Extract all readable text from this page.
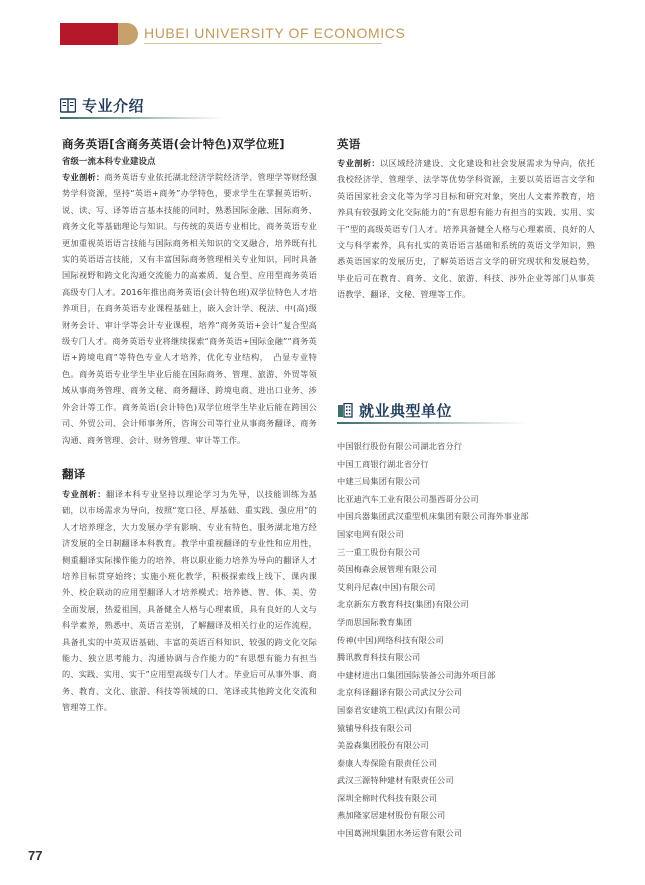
HUBEI UNIVERSITY OF ECONOMICS
专业介绍
商务英语[含商务英语(会计特色)双学位班]
省级一流本科专业建设点

专业剖析：商务英语专业依托湖北经济学院经济学、管理学等财经强势学科资源，坚持“英语+商务”办学特色，要求学生在掌握英语听、说、读、写、译等语言基本技能的同时，熟悉国际金融、国际商务、商务文化等基础理论与知识。与传统的英语专业相比，商务英语专业更加重视英语语言技能与国际商务相关知识的交叉融合，培养既有扎实的英语语言技能，又有丰富国际商务管理相关专业知识，同时具备国际视野和跨文化沟通交流能力的高素质、复合型、应用型商务英语高级专门人才。2016年推出商务英语(会计特色班)双学位特色人才培养项目，在商务英语专业课程基础上，嵌入会计学、税法、中(高)级财务会计、审计学等会计专业课程，培养“商务英语+会计”复合型高级专门人才。商务英语专业将继续探索“商务英语+国际金融”“商务英语+跨境电商”等特色专业人才培养，优化专业结构，　凸显专业特色。商务英语专业学生毕业后能在国际商务、管理、旅游、外贸等领域从事商务管理、商务文秘、商务翻译、跨境电商、进出口业务、涉外会计等工作。商务英语(会计特色)双学位班学生毕业后能在跨国公司、外贸公司、会计师事务所、咨询公司等行业从事商务翻译、商务沟通、商务管理、会计、财务管理、审计等工作。

翻译

专业剖析：翻译本科专业坚持以理论学习为先导，以技能训练为基础，以市场需求为导向，按照“宽口径、厚基础、重实践、强应用”的人才培养理念，大力发展办学有影响、专业有特色、服务湖北地方经济发展的全日制翻译本科教育。教学中重视翻译的专业性和应用性，侧重翻译实际操作能力的培养，将以职业能力培养为导向的翻译人才培养目标贯穿始终；实施小班化教学，积极探索线上线下、课内课外、校企联动的应用型翻译人才培养模式；培养德、智、体、美、劳全面发展，热爱祖国，具备健全人格与心理素质，具有良好的人文与科学素养，熟悉中、英语言差别，了解翻译及相关行业的运作流程，具备扎实的中英双语基础、丰富的英语百科知识、较强的跨文化交际能力、独立思考能力、沟通协调与合作能力的“有思想有能力有担当的、实践、实用、实干”应用型高级专门人才。毕业后可从事外事、商务、教育、文化、旅游、科技等领域的口、笔译或其他跨文化交流和管理等工作。

英语

专业剖析：以区域经济建设、文化建设和社会发展需求为导向，依托我校经济学、管理学、法学等优势学科资源，主要以英语语言文学和英语国家社会文化等为学习目标和研究对象，突出人文素养教育，培养具有较强跨文化交际能力的“有思想有能力有担当的实践、实用、实干”型的高级英语专门人才。培养具备健全人格与心理素质、良好的人文与科学素养，具有扎实的英语语言基础和系统的英语文学知识，熟悉英语国家的发展历史，了解英语语言文学的研究现状和发展趋势，毕业后可在教育、商务、文化、旅游、科技、涉外企业等部门从事英语教学、翻译、文秘、管理等工作。

就业典型单位
中国银行股份有限公司湖北省分行
中国工商银行湖北省分行
中建三局集团有限公司
比亚迪汽车工业有限公司墨西哥分公司
中国兵器集团武汉重型机床集团有限公司海外事业部
国家电网有限公司
三一重工股份有限公司
英国梅森会展管理有限公司
艾利丹尼森(中国)有限公司
北京新东方教育科技(集团)有限公司
学而思国际教育集团
传神(中国)网络科技有限公司
腾讯教育科技有限公司
中建材进出口集团国际装备公司海外项目部
北京科译翻译有限公司武汉分公司
国泰君安建筑工程(武汉)有限公司
猿辅导科技有限公司
美盈森集团股份有限公司
泰康人寿保险有限责任公司
武汉三源特种建材有限责任公司
深圳全棉时代科技有限公司
燕加隆家居建材股份有限公司
中国葛洲坝集团水务运营有限公司
77
